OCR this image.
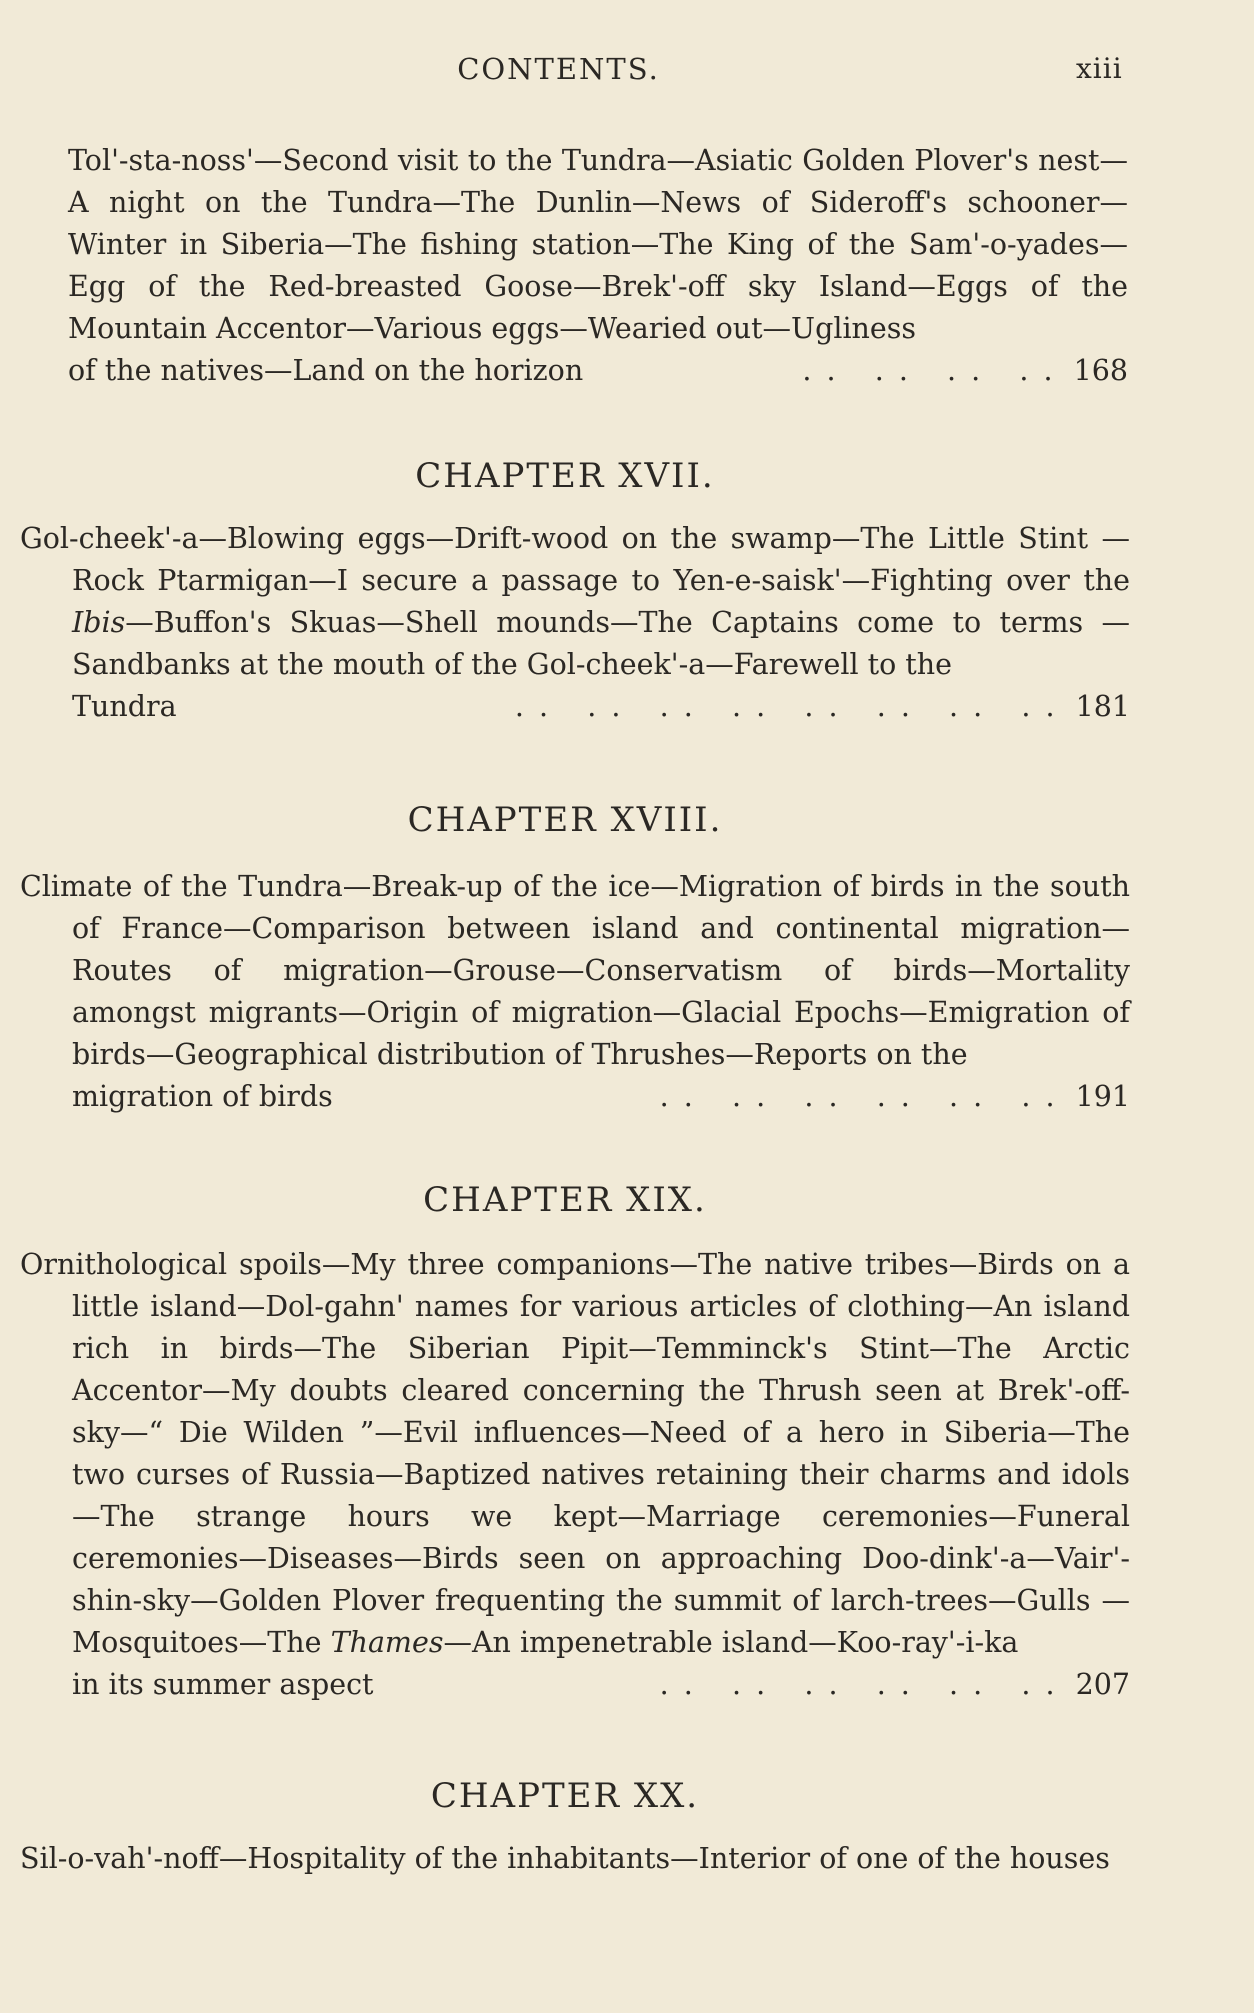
CONTENTS.	xiii

Tol'-sta-noss'—Second visit to the Tundra—Asiatic Golden Plover's nest—A night on the Tundra—The Dunlin—News of Sideroff's schooner—Winter in Siberia—The fishing station—The King of the Sam'-o-yades—Egg of the Red-breasted Goose—Brek'-off sky Island—Eggs of the Mountain Accentor—Various eggs—Wearied out—Ugliness

of the natives—Land on the horizon	. .   . .   . .   . . 168
CHAPTER XVII.

Gol-cheek'-a—Blowing eggs—Drift-wood on the swamp—The Little Stint —Rock Ptarmigan—I secure a passage to Yen-e-saisk'—Fighting over the Ibis—Buffon's Skuas—Shell mounds—The Captains come to terms —Sandbanks at the mouth of the Gol-cheek'-a—Farewell to the

Tundra	. .   . .   . .   . .   . .   . .   . .   . . 181
CHAPTER XVIII.

Climate of the Tundra—Break-up of the ice—Migration of birds in the south of France—Comparison between island and continental migration—Routes of migration—Grouse—Conservatism of birds—Mortality amongst migrants—Origin of migration—Glacial Epochs—Emigration of birds—Geographical distribution of Thrushes—Reports on the

migration of birds	. .   . .   . .   . .   . .   . . 191
CHAPTER XIX.

Ornithological spoils—My three companions—The native tribes—Birds on a little island—Dol-gahn' names for various articles of clothing—An island rich in birds—The Siberian Pipit—Temminck's Stint—The Arctic Accentor—My doubts cleared concerning the Thrush seen at Brek'-off-sky—“ Die Wilden ”—Evil influences—Need of a hero in Siberia—The two curses of Russia—Baptized natives retaining their charms and idols—The strange hours we kept—Marriage ceremonies—Funeral ceremonies—Diseases—Birds seen on approaching Doo-dink'-a—Vair'-shin-sky—Golden Plover frequenting the summit of larch-trees—Gulls —Mosquitoes—The Thames—An impenetrable island—Koo-ray'-i-ka

in its summer aspect	. .   . .   . .   . .   . .   . . 207
CHAPTER XX.

Sil-o-vah'-noff—Hospitality of the inhabitants—Interior of one of the houses
